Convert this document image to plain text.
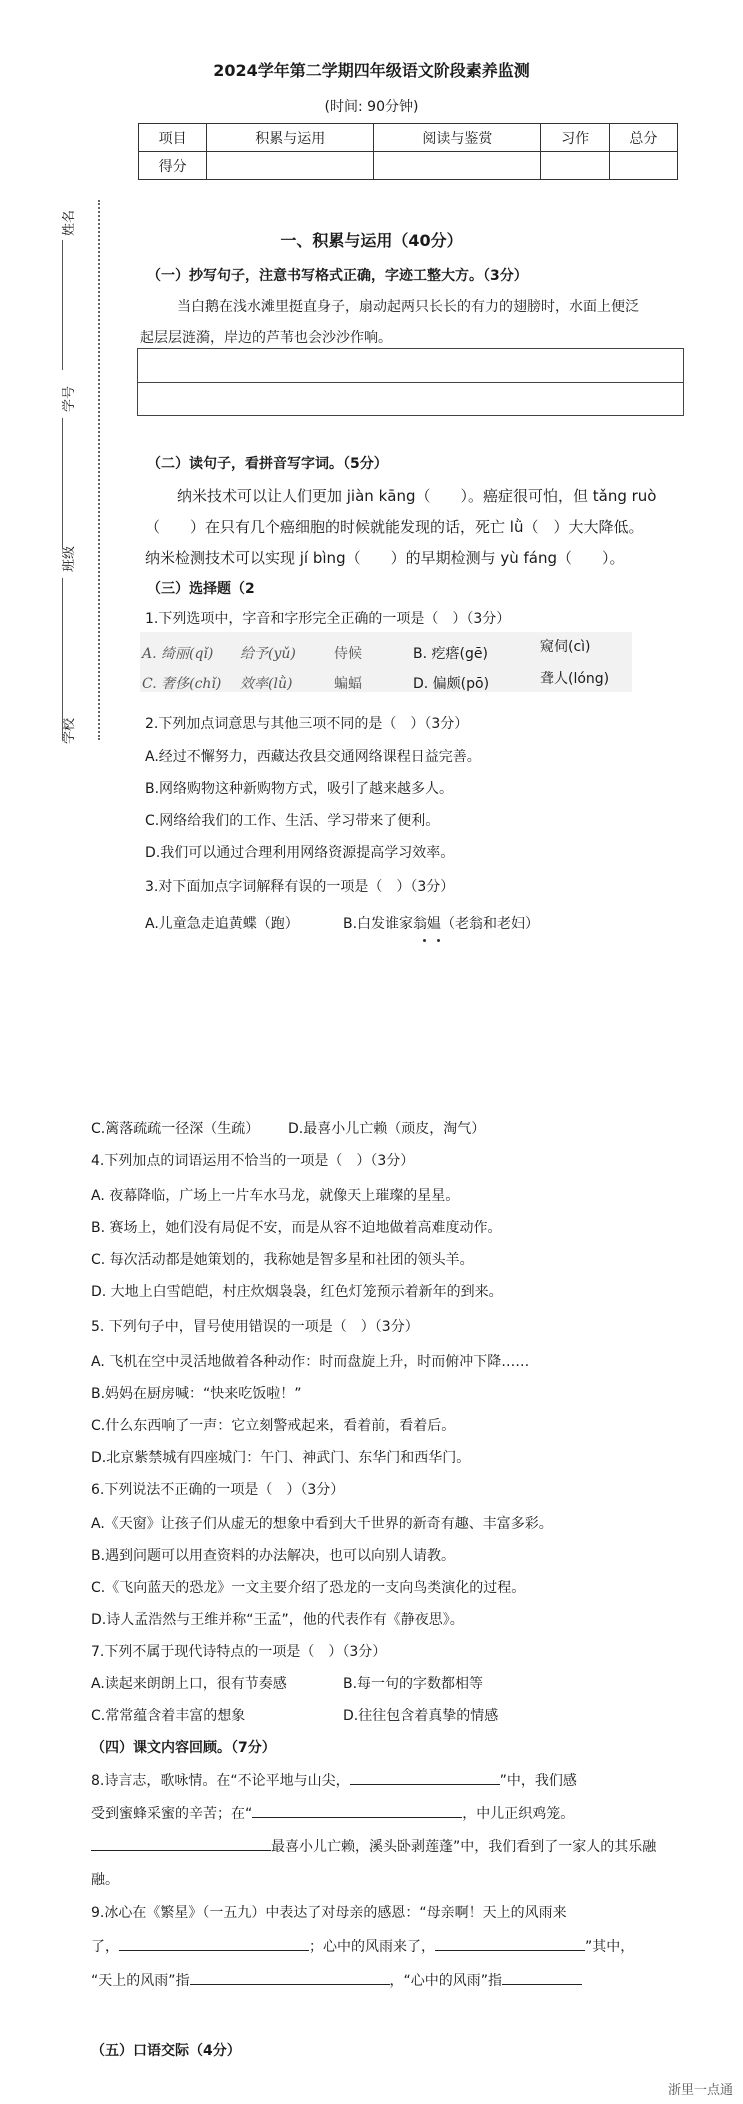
2024学年第二学期四年级语文阶段素养监测
(时间: 90分钟)
项目	积累与运用	阅读与鉴赏	习作	总分
得分				
姓名
学号
班级
学校
一、积累与运用（40分）
（一）抄写句子，注意书写格式正确，字迹工整大方。（3分）
当白鹅在浅水滩里挺直身子，扇动起两只长长的有力的翅膀时，水面上便泛
起层层涟漪，岸边的芦苇也会沙沙作响。
（二）读句子，看拼音写字词。（5分）
纳米技术可以让人们更加 jiàn kāng（　　）。癌症很可怕，但 tǎng ruò
（　　）在只有几个癌细胞的时候就能发现的话，死亡 lǜ（　）大大降低。
纳米检测技术可以实现 jí bìng（　　）的早期检测与 yù fáng（　　）。
（三）选择题（2
1.下列选项中，字音和字形完全正确的一项是（　）（3分）
A. 绮丽(qǐ) 给予(yǔ)	侍候	B. 疙瘩(gē)	窥伺(cì)
C. 奢侈(chǐ) 效率(lǜ)	蝙蝠	D. 偏颇(pō)	聋人(lóng)
2.下列加点词意思与其他三项不同的是（　）（3分）
A.经过不懈努力，西藏达孜县交通网络课程日益完善。
B.网络购物这种新购物方式，吸引了越来越多人。
C.网络给我们的工作、生活、学习带来了便利。
D.我们可以通过合理利用网络资源提高学习效率。
3.对下面加点字词解释有误的一项是（　）（3分）
A.儿童急走追黄蝶（跑）	B.白发谁家翁媪（老翁和老妇）
C.篱落疏疏一径深（生疏） D.最喜小儿亡赖（顽皮，淘气）
4.下列加点的词语运用不恰当的一项是（　）（3分）
A. 夜幕降临，广场上一片车水马龙，就像天上璀璨的星星。
B. 赛场上，她们没有局促不安，而是从容不迫地做着高难度动作。
C. 每次活动都是她策划的，我称她是智多星和社团的领头羊。
D. 大地上白雪皑皑，村庄炊烟袅袅，红色灯笼预示着新年的到来。
5. 下列句子中，冒号使用错误的一项是（　）（3分）
A. 飞机在空中灵活地做着各种动作：时而盘旋上升，时而俯冲下降……
B.妈妈在厨房喊：“快来吃饭啦！”
C.什么东西响了一声：它立刻警戒起来，看着前，看着后。
D.北京紫禁城有四座城门：午门、神武门、东华门和西华门。
6.下列说法不正确的一项是（　）（3分）
A.《天窗》让孩子们从虚无的想象中看到大千世界的新奇有趣、丰富多彩。
B.遇到问题可以用查资料的办法解决，也可以向别人请教。
C.《飞向蓝天的恐龙》一文主要介绍了恐龙的一支向鸟类演化的过程。
D.诗人孟浩然与王维并称“王孟”，他的代表作有《静夜思》。
7.下列不属于现代诗特点的一项是（　）（3分）
A.读起来朗朗上口，很有节奏感	B.每一句的字数都相等
C.常常蕴含着丰富的想象	D.往往包含着真挚的情感
（四）课文内容回顾。（7分）
8.诗言志，歌咏情。在“不论平地与山尖，	”中，我们感
受到蜜蜂采蜜的辛苦；在“	，中儿正织鸡笼。
最喜小儿亡赖，溪头卧剥莲蓬”中，我们看到了一家人的其乐融
融。
9.冰心在《繁星》（一五九）中表达了对母亲的感恩：“母亲啊！天上的风雨来
了，	；心中的风雨来了，	”其中，
“天上的风雨”指	，“心中的风雨”指
（五）口语交际（4分）
浙里一点通
